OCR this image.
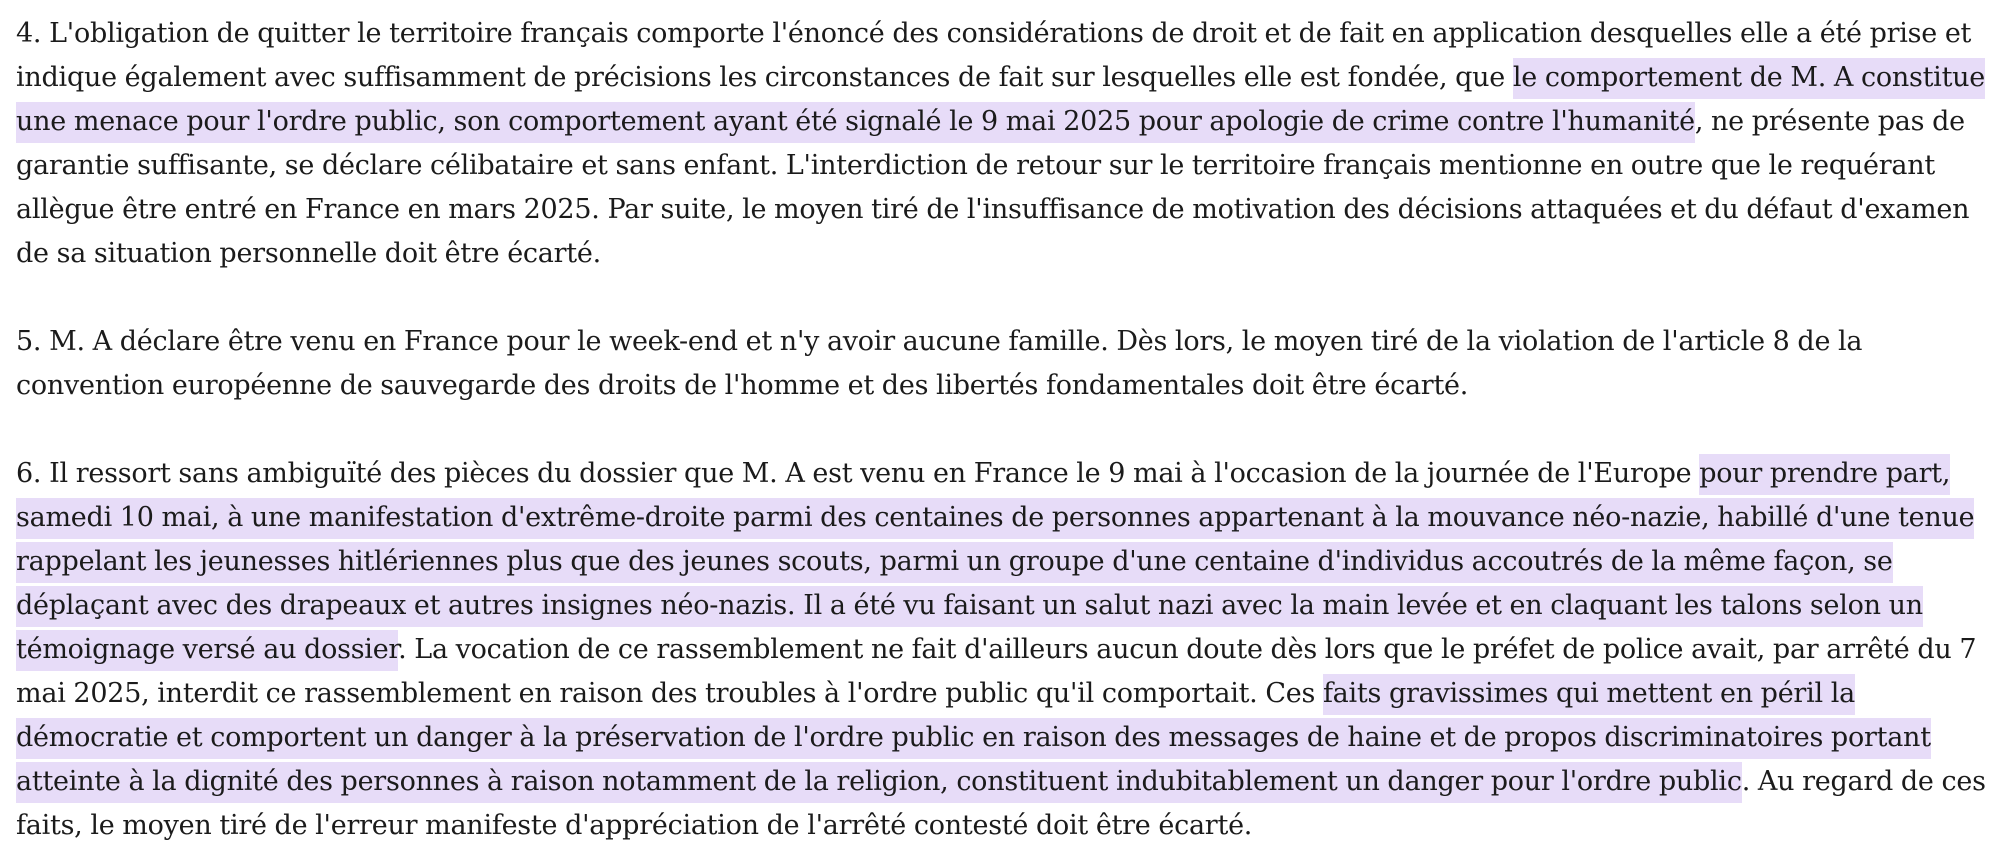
4. L'obligation de quitter le territoire français comporte l'énoncé des considérations de droit et de fait en application desquelles elle a été prise et indique également avec suffisamment de précisions les circonstances de fait sur lesquelles elle est fondée, que le comportement de M. A constitue une menace pour l'ordre public, son comportement ayant été signalé le 9 mai 2025 pour apologie de crime contre l'humanité, ne présente pas de garantie suffisante, se déclare célibataire et sans enfant. L'interdiction de retour sur le territoire français mentionne en outre que le requérant allègue être entré en France en mars 2025. Par suite, le moyen tiré de l'insuffisance de motivation des décisions attaquées et du défaut d'examen de sa situation personnelle doit être écarté.

5. M. A déclare être venu en France pour le week-end et n'y avoir aucune famille. Dès lors, le moyen tiré de la violation de l'article 8 de la convention européenne de sauvegarde des droits de l'homme et des libertés fondamentales doit être écarté.

6. Il ressort sans ambiguïté des pièces du dossier que M. A est venu en France le 9 mai à l'occasion de la journée de l'Europe pour prendre part, samedi 10 mai, à une manifestation d'extrême-droite parmi des centaines de personnes appartenant à la mouvance néo-nazie, habillé d'une tenue rappelant les jeunesses hitlériennes plus que des jeunes scouts, parmi un groupe d'une centaine d'individus accoutrés de la même façon, se déplaçant avec des drapeaux et autres insignes néo-nazis. Il a été vu faisant un salut nazi avec la main levée et en claquant les talons selon un témoignage versé au dossier. La vocation de ce rassemblement ne fait d'ailleurs aucun doute dès lors que le préfet de police avait, par arrêté du 7 mai 2025, interdit ce rassemblement en raison des troubles à l'ordre public qu'il comportait. Ces faits gravissimes qui mettent en péril la démocratie et comportent un danger à la préservation de l'ordre public en raison des messages de haine et de propos discriminatoires portant atteinte à la dignité des personnes à raison notamment de la religion, constituent indubitablement un danger pour l'ordre public. Au regard de ces faits, le moyen tiré de l'erreur manifeste d'appréciation de l'arrêté contesté doit être écarté.
